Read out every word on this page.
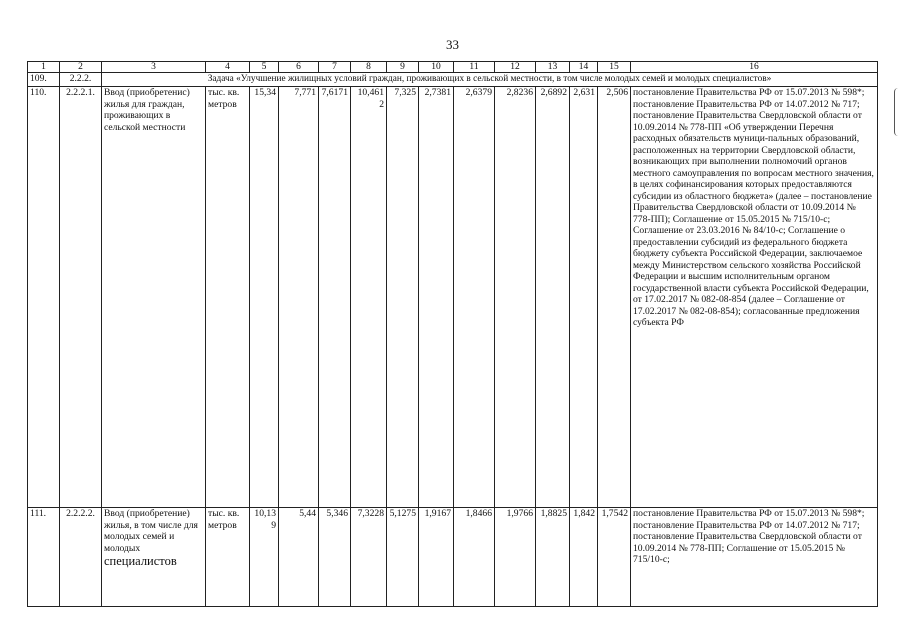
33
1	2	3	4	5	6	7	8	9	10	11	12	13	14	15	16
109.	2.2.2.	Задача «Улучшение жилищных условий граждан, проживающих в сельской местности, в том числе молодых семей и молодых специалистов»													
110.	2.2.2.1.	Ввод (приобретенис) жилья для граждан, проживающих в сельской местности	тыс. кв. метров	15,34	7,771	7,6171	10,4612	7,325	2,7381	2,6379	2,8236	2,6892	2,631	2,506	постановление Правительства РФ от 15.07.2013 № 598*; постановление Правительства РФ от 14.07.2012 № 717; постановление Правительства Свердловской области от 10.09.2014 № 778-ПП «Об утверждении Перечня расходных обязательств муници-пальных образований, расположенных на территории Свердловской области, возникающих при выполнении полномочий органов местного самоуправления по вопросам местного значения, в целях софинансирования которых предоставляются субсидии из областного бюджета» (далее – постановление Правительства Свердловской области от 10.09.2014 № 778-ПП); Соглашение от 15.05.2015 № 715/10-с; Соглашение от 23.03.2016 № 84/10-с; Соглашение о предоставлении субсидий из федерального бюджета бюджету субъекта Российской Федерации, заключаемое между Министерством сельского хозяйства Российской Федерации и высшим исполнительным органом государственной власти субъекта Российской Федерации, от 17.02.2017 № 082-08-854 (далее – Соглашение от 17.02.2017 № 082-08-854); согласованные предложения субъекта РФ
111.	2.2.2.2.	Ввод (приобретение) жилья, в том числе для молодых семей и молодых специалистов	тыс. кв. метров	10,139	5,44	5,346	7,3228	5,1275	1,9167	1,8466	1,9766	1,8825	1,842	1,7542	постановление Правительства РФ от 15.07.2013 № 598*; постановление Правительства РФ от 14.07.2012 № 717; постановление Правительства Свердловской области от 10.09.2014 № 778-ПП; Соглашение от 15.05.2015 № 715/10-с;
